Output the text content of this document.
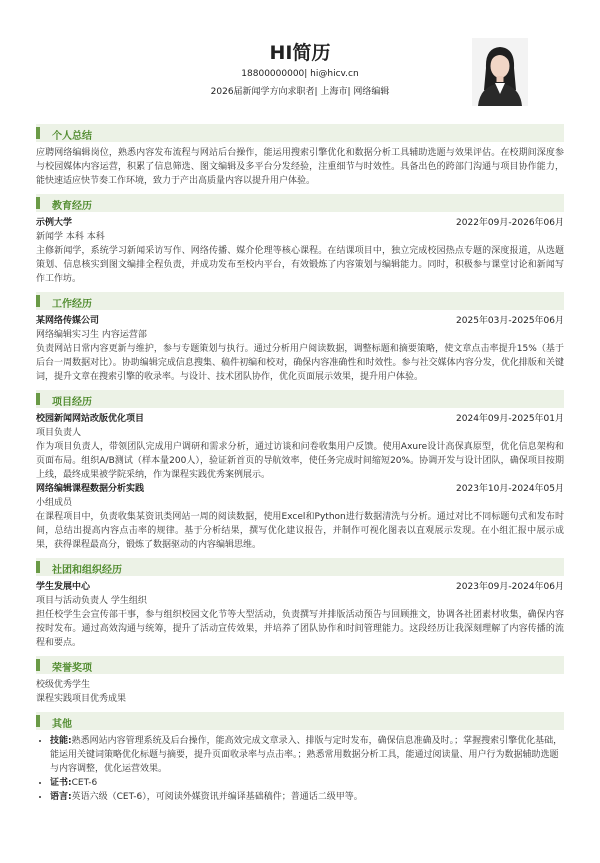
HI简历
18800000000| hi@hicv.cn
2026届新闻学方向求职者| 上海市| 网络编辑
个人总结
应聘网络编辑岗位，熟悉内容发布流程与网站后台操作，能运用搜索引擎优化和数据分析工具辅助选题与效果评估。在校期间深度参与校园媒体内容运营，积累了信息筛选、图文编辑及多平台分发经验，注重细节与时效性。具备出色的跨部门沟通与项目协作能力，能快速适应快节奏工作环境，致力于产出高质量内容以提升用户体验。
教育经历
示例大学	2022年09月-2026年06月
新闻学 本科 本科
主修新闻学，系统学习新闻采访写作、网络传播、媒介伦理等核心课程。在结课项目中，独立完成校园热点专题的深度报道，从选题策划、信息核实到图文编排全程负责，并成功发布至校内平台，有效锻炼了内容策划与编辑能力。同时，积极参与课堂讨论和新闻写作工作坊。
工作经历
某网络传媒公司	2025年03月-2025年06月
网络编辑实习生 内容运营部
负责网站日常内容更新与维护，参与专题策划与执行。通过分析用户阅读数据，调整标题和摘要策略，使文章点击率提升15%（基于后台一周数据对比）。协助编辑完成信息搜集、稿件初编和校对，确保内容准确性和时效性。参与社交媒体内容分发，优化排版和关键词，提升文章在搜索引擎的收录率。与设计、技术团队协作，优化页面展示效果，提升用户体验。
项目经历
校园新闻网站改版优化项目	2024年09月-2025年01月
项目负责人
作为项目负责人，带领团队完成用户调研和需求分析，通过访谈和问卷收集用户反馈。使用Axure设计高保真原型，优化信息架构和页面布局。组织A/B测试（样本量200人），验证新首页的导航效率，使任务完成时间缩短20%。协调开发与设计团队，确保项目按期上线，最终成果被学院采纳，作为课程实践优秀案例展示。
网络编辑课程数据分析实践	2023年10月-2024年05月
小组成员
在课程项目中，负责收集某资讯类网站一周的阅读数据，使用Excel和Python进行数据清洗与分析。通过对比不同标题句式和发布时间，总结出提高内容点击率的规律。基于分析结果，撰写优化建议报告，并制作可视化图表以直观展示发现。在小组汇报中展示成果，获得课程最高分，锻炼了数据驱动的内容编辑思维。
社团和组织经历
学生发展中心	2023年09月-2024年06月
项目与活动负责人 学生组织
担任校学生会宣传部干事，参与组织校园文化节等大型活动，负责撰写并排版活动预告与回顾推文，协调各社团素材收集，确保内容按时发布。通过高效沟通与统筹，提升了活动宣传效果，并培养了团队协作和时间管理能力。这段经历让我深刻理解了内容传播的流程和要点。
荣誉奖项
校级优秀学生
课程实践项目优秀成果
其他
• 技能:熟悉网站内容管理系统及后台操作，能高效完成文章录入、排版与定时发布，确保信息准确及时。；掌握搜索引擎优化基础，能运用关键词策略优化标题与摘要，提升页面收录率与点击率。；熟悉常用数据分析工具，能通过阅读量、用户行为数据辅助选题与内容调整，优化运营效果。
• 证书:CET-6
• 语言:英语六级（CET-6），可阅读外媒资讯并编译基础稿件；普通话二级甲等。
